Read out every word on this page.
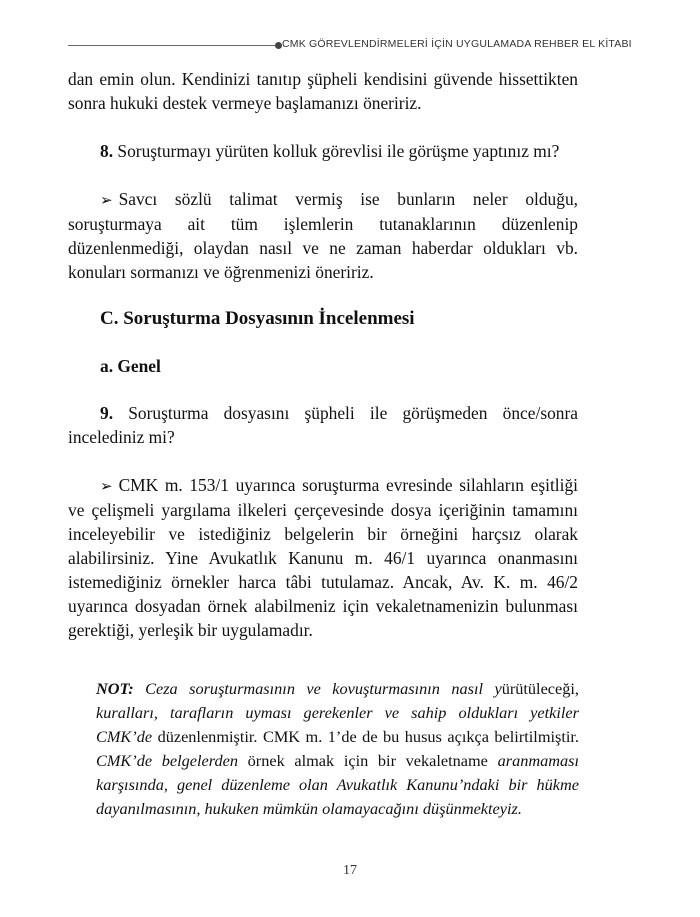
CMK GÖREVLENDİRMELERİ İÇİN UYGULAMADA REHBER EL KİTABI

dan emin olun. Kendinizi tanıtıp şüpheli kendisini güvende hissettikten sonra hukuki destek vermeye başlamanızı öneririz.

8. Soruşturmayı yürüten kolluk görevlisi ile görüşme yaptınız mı?

➢ Savcı sözlü talimat vermiş ise bunların neler olduğu, soruşturmaya ait tüm işlemlerin tutanaklarının düzenlenip düzenlenmediği, olaydan nasıl ve ne zaman haberdar oldukları vb. konuları sormanızı ve öğrenmenizi öneririz.

C. Soruşturma Dosyasının İncelenmesi

a. Genel

9. Soruşturma dosyasını şüpheli ile görüşmeden önce/sonra incelediniz mi?

➢ CMK m. 153/1 uyarınca soruşturma evresinde silahların eşitliği ve çelişmeli yargılama ilkeleri çerçevesinde dosya içeriğinin tamamını inceleyebilir ve istediğiniz belgelerin bir örneğini harçsız olarak alabilirsiniz. Yine Avukatlık Kanunu m. 46/1 uyarınca onanmasını istemediğiniz örnekler harca tâbi tutulamaz. Ancak, Av. K. m. 46/2 uyarınca dosyadan örnek alabilmeniz için vekaletnamenizin bulunması gerektiği, yerleşik bir uygulamadır.

NOT: Ceza soruşturmasının ve kovuşturmasının nasıl yürütüleceği, kuralları, tarafların uyması gerekenler ve sahip oldukları yetkiler CMK’de düzenlenmiştir. CMK m. 1’de de bu husus açıkça belirtilmiştir. CMK’de belgelerden örnek almak için bir vekaletname aranmaması karşısında, genel düzenleme olan Avukatlık Kanunu’ndaki bir hükme dayanılmasının, hukuken mümkün olamayacağını düşünmekteyiz.

17
